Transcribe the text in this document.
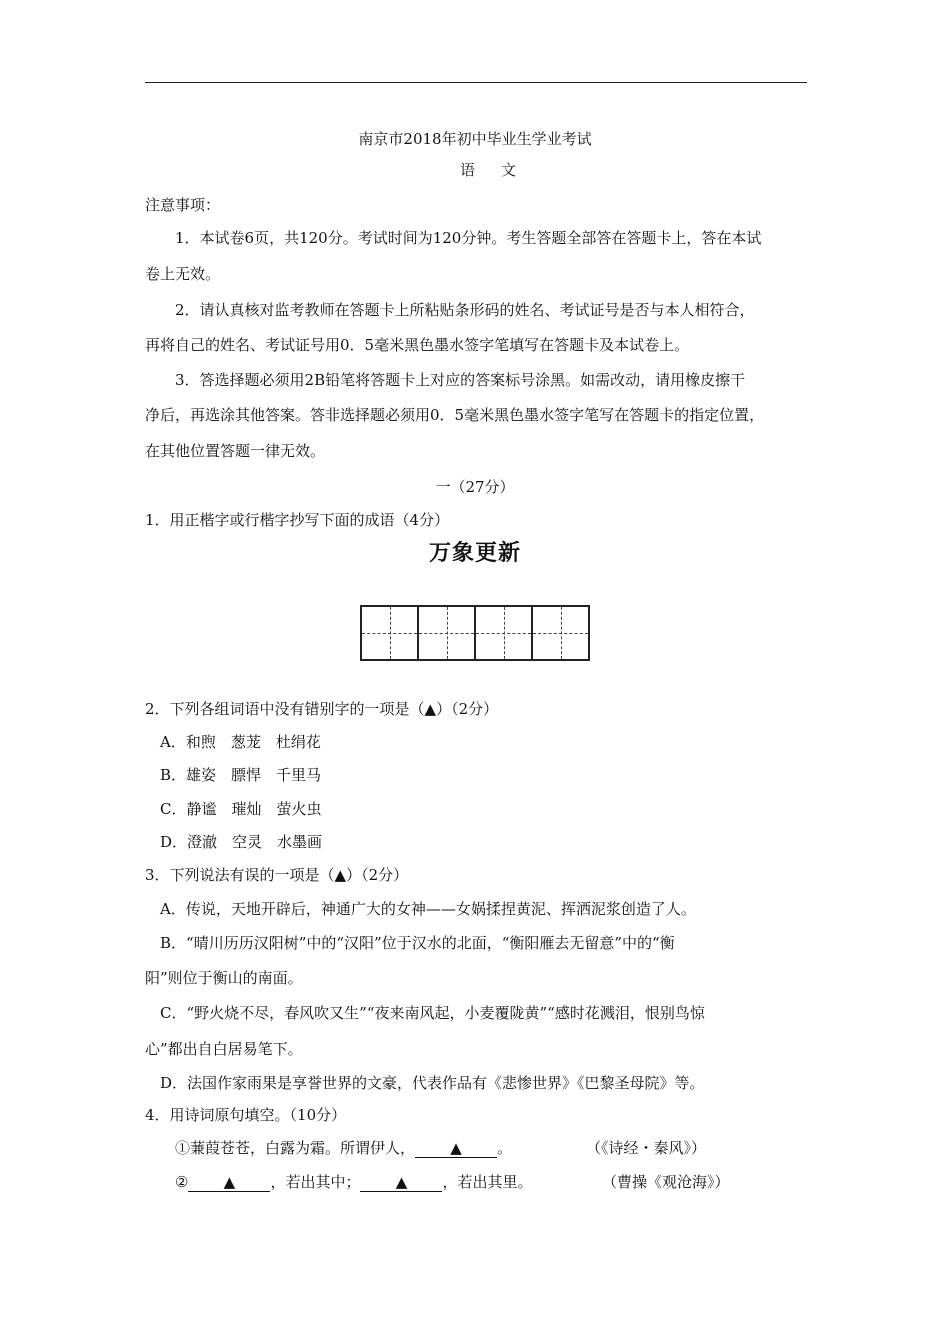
南京市2018年初中毕业生学业考试
语文
注意事项：
1．本试卷6页，共120分。考试时间为120分钟。考生答题全部答在答题卡上，答在本试
卷上无效。
2．请认真核对监考教师在答题卡上所粘贴条形码的姓名、考试证号是否与本人相符合，
再将自己的姓名、考试证号用0．5毫米黑色墨水签字笔填写在答题卡及本试卷上。
3．答选择题必须用2B铅笔将答题卡上对应的答案标号涂黑。如需改动，请用橡皮擦干
净后，再选涂其他答案。答非选择题必须用0．5毫米黑色墨水签字笔写在答题卡的指定位置，
在其他位置答题一律无效。
一（27分）
1．用正楷字或行楷字抄写下面的成语（4分）
万象更新
2．下列各组词语中没有错别字的一项是（▲）（2分）
A．和煦　葱茏　杜绢花
B．雄姿　膘悍　千里马
C．静谧　璀灿　萤火虫
D．澄澈　空灵　水墨画
3．下列说法有误的一项是（▲）（2分）
A．传说，天地开辟后，神通广大的女神——女娲揉捏黄泥、挥洒泥浆创造了人。
B．“晴川历历汉阳树”中的“汉阳”位于汉水的北面，“衡阳雁去无留意”中的“衡
阳”则位于衡山的南面。
C．“野火烧不尽，春风吹又生”“夜来南风起，小麦覆陇黄”“感时花溅泪，恨别鸟惊
心”都出自白居易笔下。
D．法国作家雨果是享誉世界的文豪，代表作品有《悲惨世界》《巴黎圣母院》等。
4．用诗词原句填空。（10分）
①蒹葭苍苍，白露为霜。所谓伊人， ▲ 。	（《诗经・秦风》）
② ▲ ，若出其中； ▲ ，若出其里。	（曹操《观沧海》）
